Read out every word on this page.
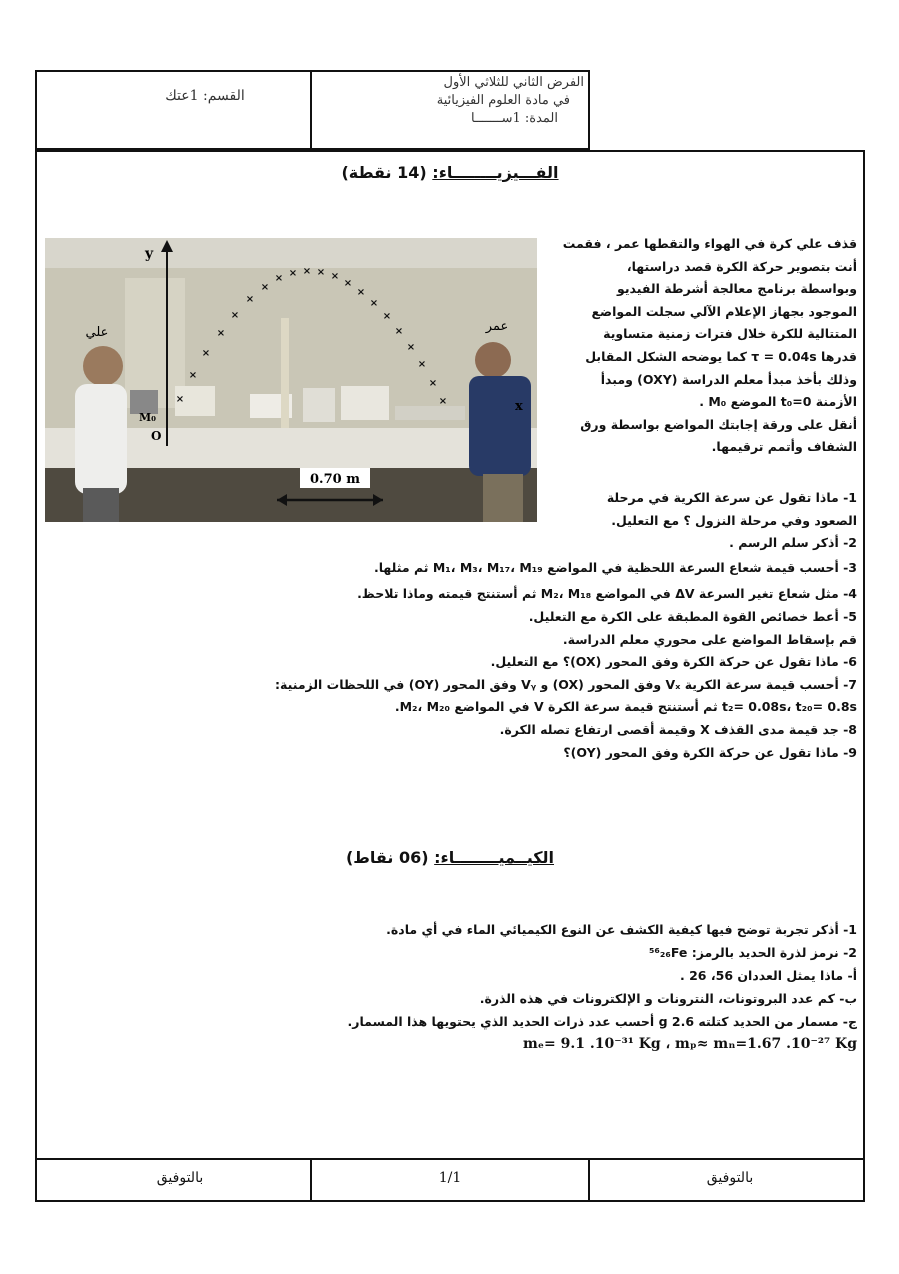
الفرض الثاني للثلاثي الأول
في مادة العلوم الفيزيائية
المدة: 1ســـــــا
القسم: 1عتك
الفـــيزيــــــــاء: (14 نقطة)
×
×
×
×
×
×
×
× × × × ×
×
×
×
×
×
×
×
×
×
0.70 m
علي	عمر
y
x
M₀
O
قذف علي كرة في الهواء والتقطها عمر ، فقمت
أنت بتصوير حركة الكرة قصد دراستها،
وبواسطة برنامج معالجة أشرطة الفيديو
الموجود بجهاز الإعلام الآلي سجلت المواضع
المتتالية للكرة خلال فترات زمنية متساوية
قدرها τ = 0.04s كما يوضحه الشكل المقابل
وذلك بأخذ مبدأ معلم الدراسة (OXY) ومبدأ
الأزمنة t₀=0 الموضع M₀ .
أنقل على ورقة إجابتك المواضع بواسطة ورق
الشفاف وأتمم ترقيمها.
1- ماذا تقول عن سرعة الكرية في مرحلة
الصعود وفي مرحلة النزول ؟ مع التعليل.
2- أذكر سلم الرسم .
3- أحسب قيمة شعاع السرعة اللحظية في المواضع M₁، M₃، M₁₇، M₁₉ ثم مثلها.
4- مثل شعاع تغير السرعة ΔV في المواضع M₂، M₁₈ ثم أستنتج قيمته وماذا تلاحظ.
5- أعط خصائص القوة المطبقة على الكرة مع التعليل.
قم بإسقاط المواضع على محوري معلم الدراسة.
6- ماذا تقول عن حركة الكرة وفق المحور (OX)؟ مع التعليل.
7- أحسب قيمة سرعة الكرية Vₓ وفق المحور (OX) و Vᵧ وفق المحور (OY) في اللحظات الزمنية:
t₂= 0.08s، t₂₀= 0.8s ثم أستنتج قيمة سرعة الكرة V في المواضع M₂، M₂₀.
8- جد قيمة مدى القذف X وقيمة أقصى ارتفاع تصله الكرة.
9- ماذا تقول عن حركة الكرة وفق المحور (OY)؟
الكيــميــــــــاء: (06 نقاط)
1- أذكر تجربة توضح فيها كيفية الكشف عن النوع الكيميائي الماء في أي مادة.
2- نرمز لذرة الحديد بالرمز: ⁵⁶₂₆Fe
أ- ماذا يمثل العددان 56، 26 .
ب- كم عدد البروتونات، النترونات و الإلكترونات في هذه الذرة.
ج- مسمار من الحديد كتلته 2.6 g أحسب عدد ذرات الحديد الذي يحتويها هذا المسمار.
mₑ= 9.1 .10⁻³¹ Kg ، mₚ≈ mₙ=1.67 .10⁻²⁷ Kg
بالتوفيق	1/1	بالتوفيق
